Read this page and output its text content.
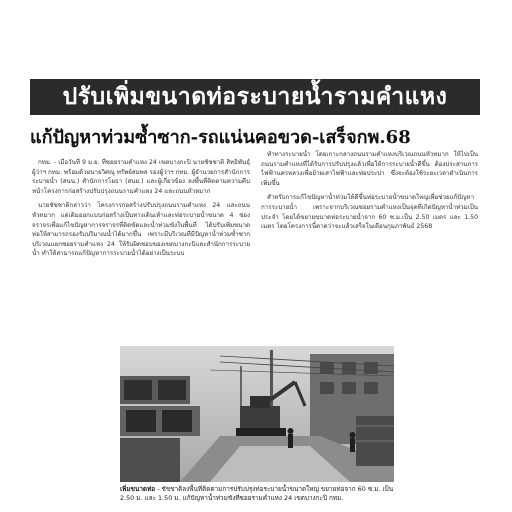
ปรับเพิ่มขนาดท่อระบายน้ำรามคำแหง
แก้ปัญหาท่วมซ้ำซาก-รถแน่นคอขวด-เสร็จกพ.68

กทม. - เมื่อวันที่ 9 ม.ย. ที่ซอยรามคำแหง 24 เขตบางกะปิ นายชัชชาติ สิทธิพันธุ์ ผู้ว่าฯ กทม. พร้อมด้วยนายวิศณุ ทรัพย์สมพล รองผู้ว่าฯ กทม. ผู้อำนวยการสำนักการระบายน้ำ (สนน.) สำนักการโยธา (สนย.) และผู้เกี่ยวข้อง ลงพื้นที่ติดตามความคืบหน้าโครงการก่อสร้างปรับปรุงถนนรามคำแหง 24 และถนนหัวหมาก

นายชัชชาติกล่าวว่า โครงการก่อสร้างปรับปรุงถนนรามคำแหง 24 และถนนหัวหมาก แต่เดิมออกแบบก่อสร้างเป็นทางเดินเท้าและท่อระบายน้ำขนาด 4 ช่องจราจรเพื่อแก้ไขปัญหาการจราจรที่ติดขัดและน้ำท่วมขังในพื้นที่ ได้ปรับเพิ่มขนาดท่อให้สามารถรองรับปริมาณน้ำได้มากขึ้น เพราะมีบริเวณที่มีปัญหาน้ำท่วมซ้ำซากบริเวณแยกซอยรามคำแหง 24 ให้รับผิดชอบของเขตบางกะปิและสำนักการระบายน้ำ ทำให้สามารถแก้ปัญหาการระบายน้ำได้อย่างเป็นระบบ

ทำทางระบายน้ำ โดยเกาะกลางถนนรามคำแหงบริเวณถนนหัวหมาก ให้ไปเป็นถนนรามคำแหงที่ได้รับการปรับปรุงแล้วเพื่อให้การระบายน้ำดีขึ้น ต้องประสานการไฟฟ้านครหลวงเพื่อย้ายเสาไฟฟ้าและท่อประปา ซึ่งจะต้องใช้ระยะเวลาดำเนินการเพิ่มขึ้น

สำหรับการแก้ไขปัญหาน้ำท่วมให้ดีขึ้นท่อระบายน้ำขนาดใหญ่เพื่อช่วยแก้ปัญหาการระบายน้ำ เพราะจากบริเวณซอยรามคำแหงเป็นจุดที่เกิดปัญหาน้ำท่วมเป็นประจำ โดยได้ขยายขนาดท่อระบายน้ำจาก 60 ซ.ม.เป็น 2.50 เมตร และ 1.50 เมตร โดยโครงการนี้คาดว่าจะแล้วเสร็จในเดือนกุมภาพันธ์ 2568

เพิ่มขนาดท่อ - ชัชชาติลงพื้นที่ติดตามการปรับปรุงท่อระบายน้ำขนาดใหญ่ ขยายท่อจาก 60 ซ.ม. เป็น 2.50 ม. และ 1.50 ม. แก้ปัญหาน้ำท่วมขังที่ซอยรามคำแหง 24 เขตบางกะปิ กทม.
